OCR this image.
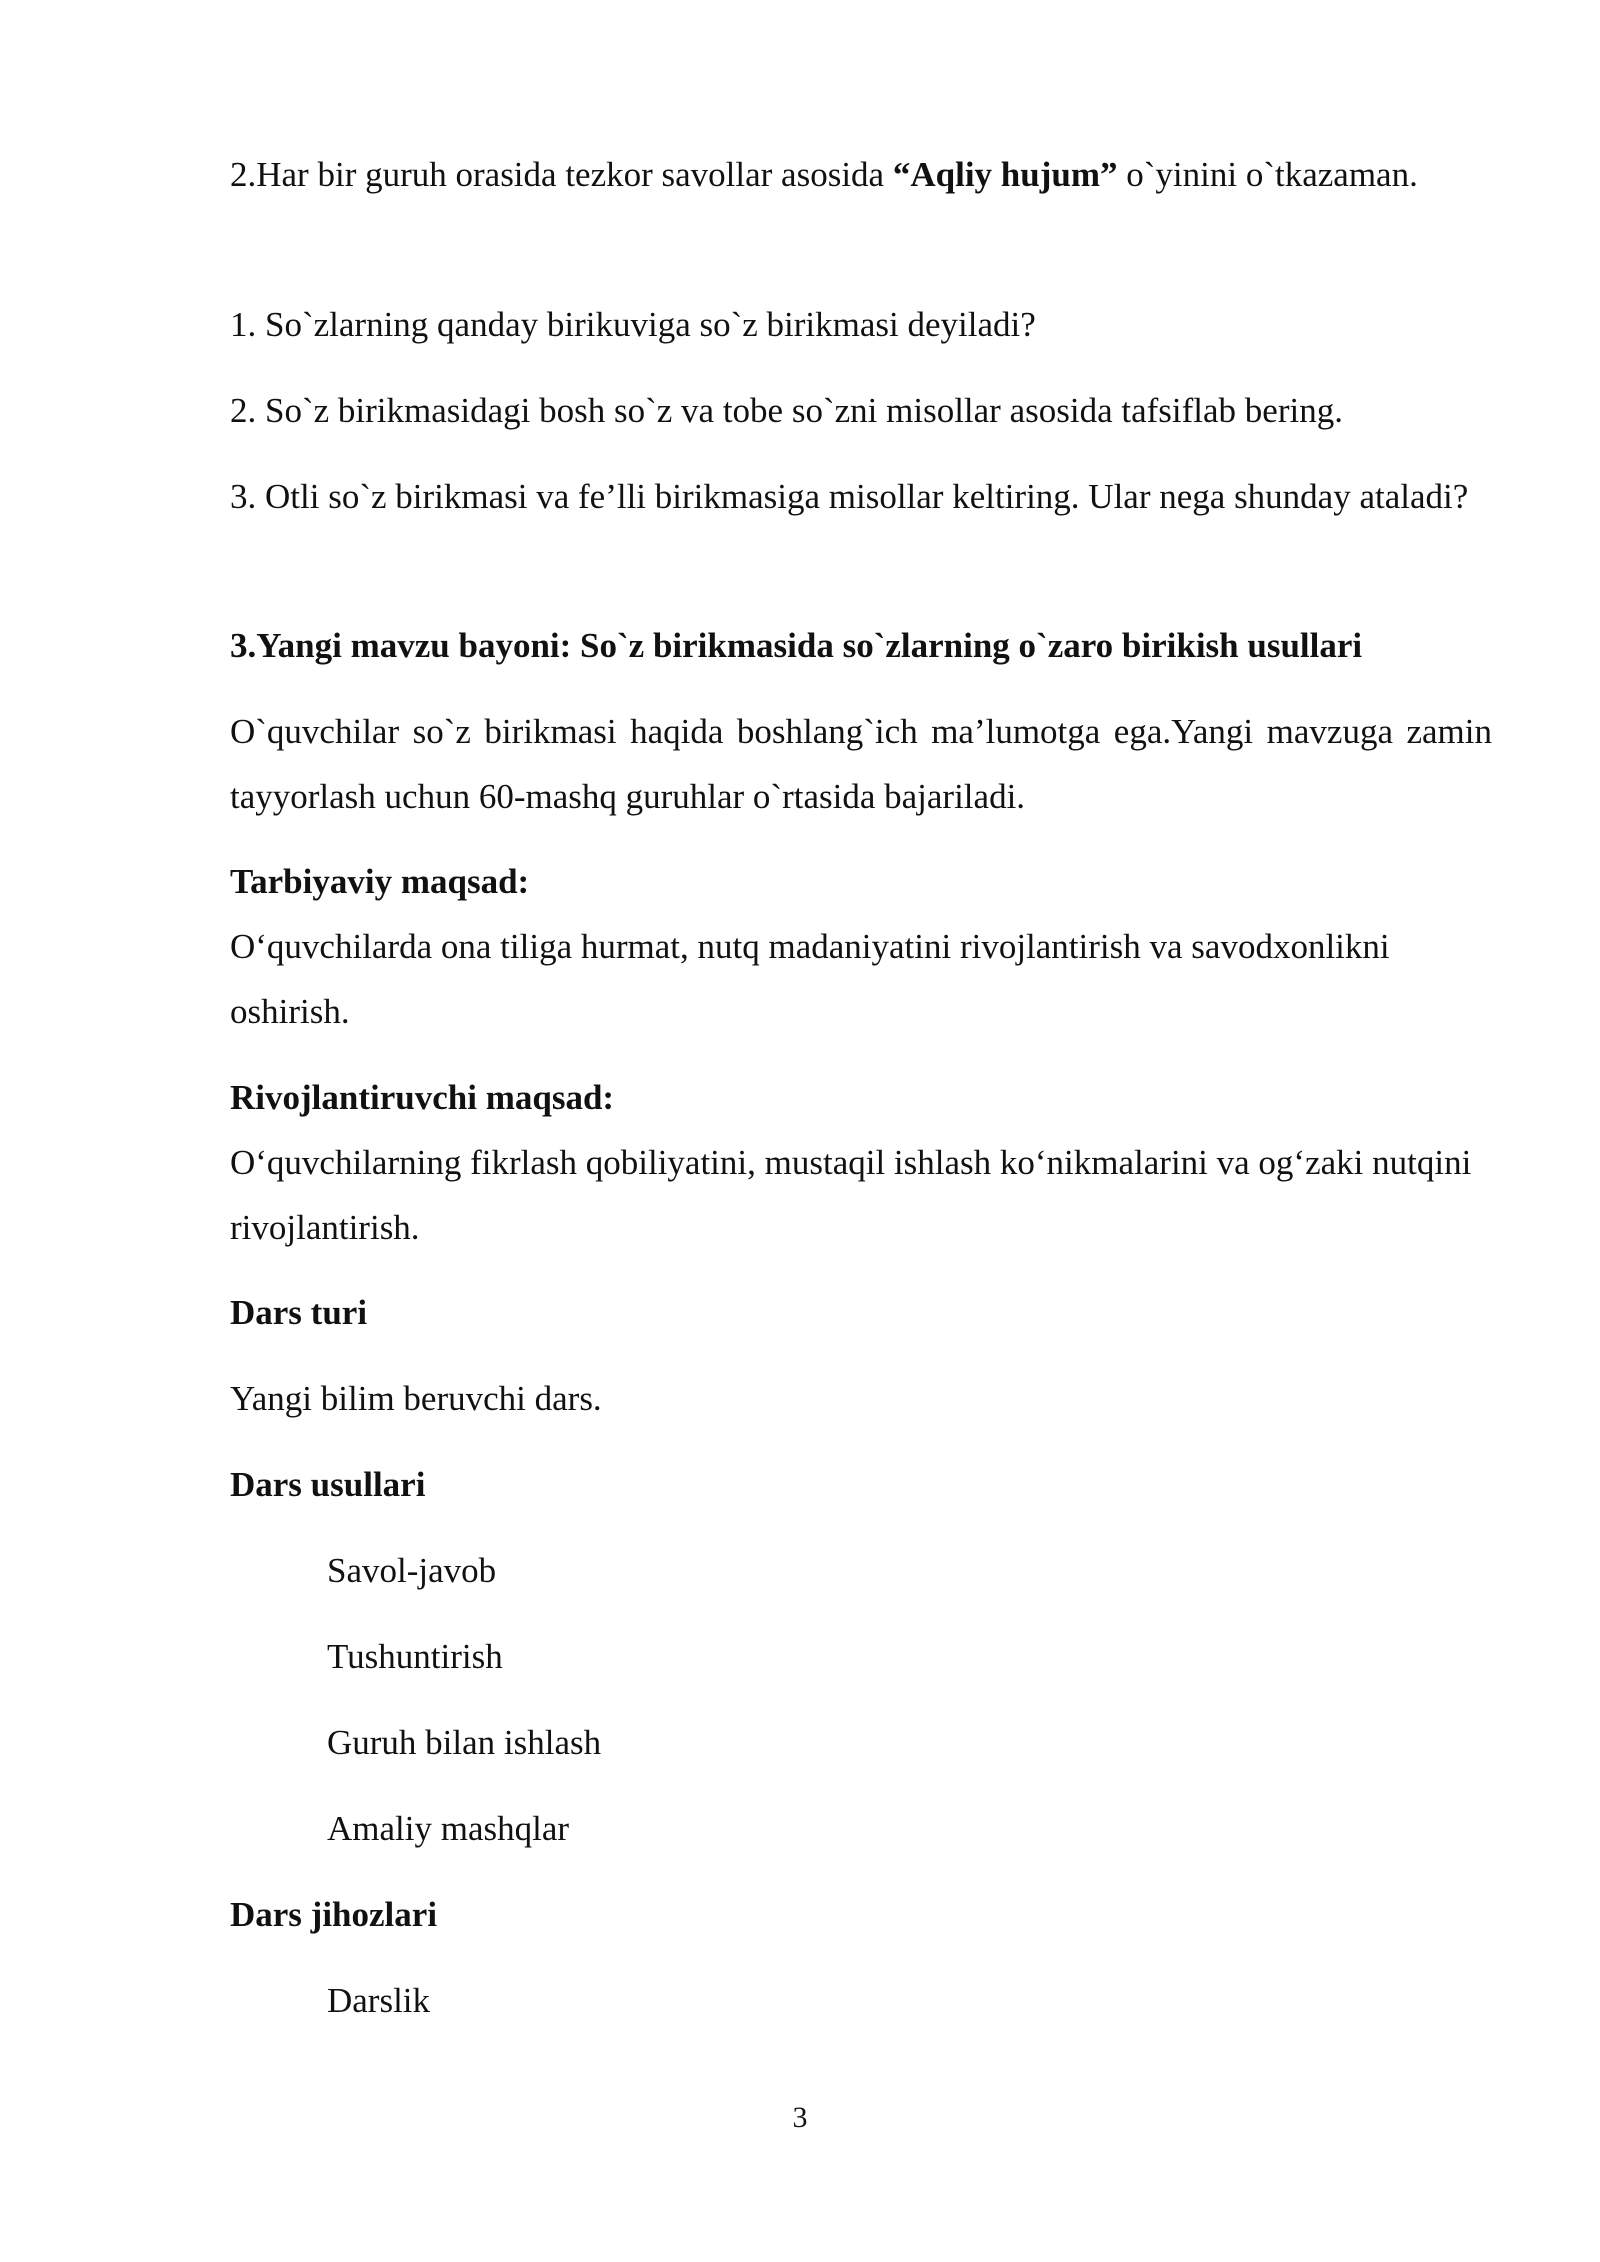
2.Har bir guruh orasida tezkor savollar asosida “Aqliy hujum” o`yinini o`tkazaman.

1. So`zlarning qanday birikuviga so`z birikmasi deyiladi?

2. So`z birikmasidagi bosh so`z va tobe so`zni misollar asosida tafsiflab bering.

3. Otli so`z birikmasi va fe’lli birikmasiga misollar keltiring. Ular nega shunday ataladi?

3.Yangi mavzu bayoni: So`z birikmasida so`zlarning o`zaro birikish usullari

O`quvchilar so`z birikmasi haqida boshlang`ich ma’lumotga ega.Yangi mavzuga zamin tayyorlash uchun 60-mashq guruhlar o`rtasida bajariladi.

Tarbiyaviy maqsad:

O‘quvchilarda ona tiliga hurmat, nutq madaniyatini rivojlantirish va savodxonlikni oshirish.

Rivojlantiruvchi maqsad:

O‘quvchilarning fikrlash qobiliyatini, mustaqil ishlash ko‘nikmalarini va og‘zaki nutqini rivojlantirish.

Dars turi

Yangi bilim beruvchi dars.

Dars usullari

Savol-javob

Tushuntirish

Guruh bilan ishlash

Amaliy mashqlar

Dars jihozlari

Darslik

3
